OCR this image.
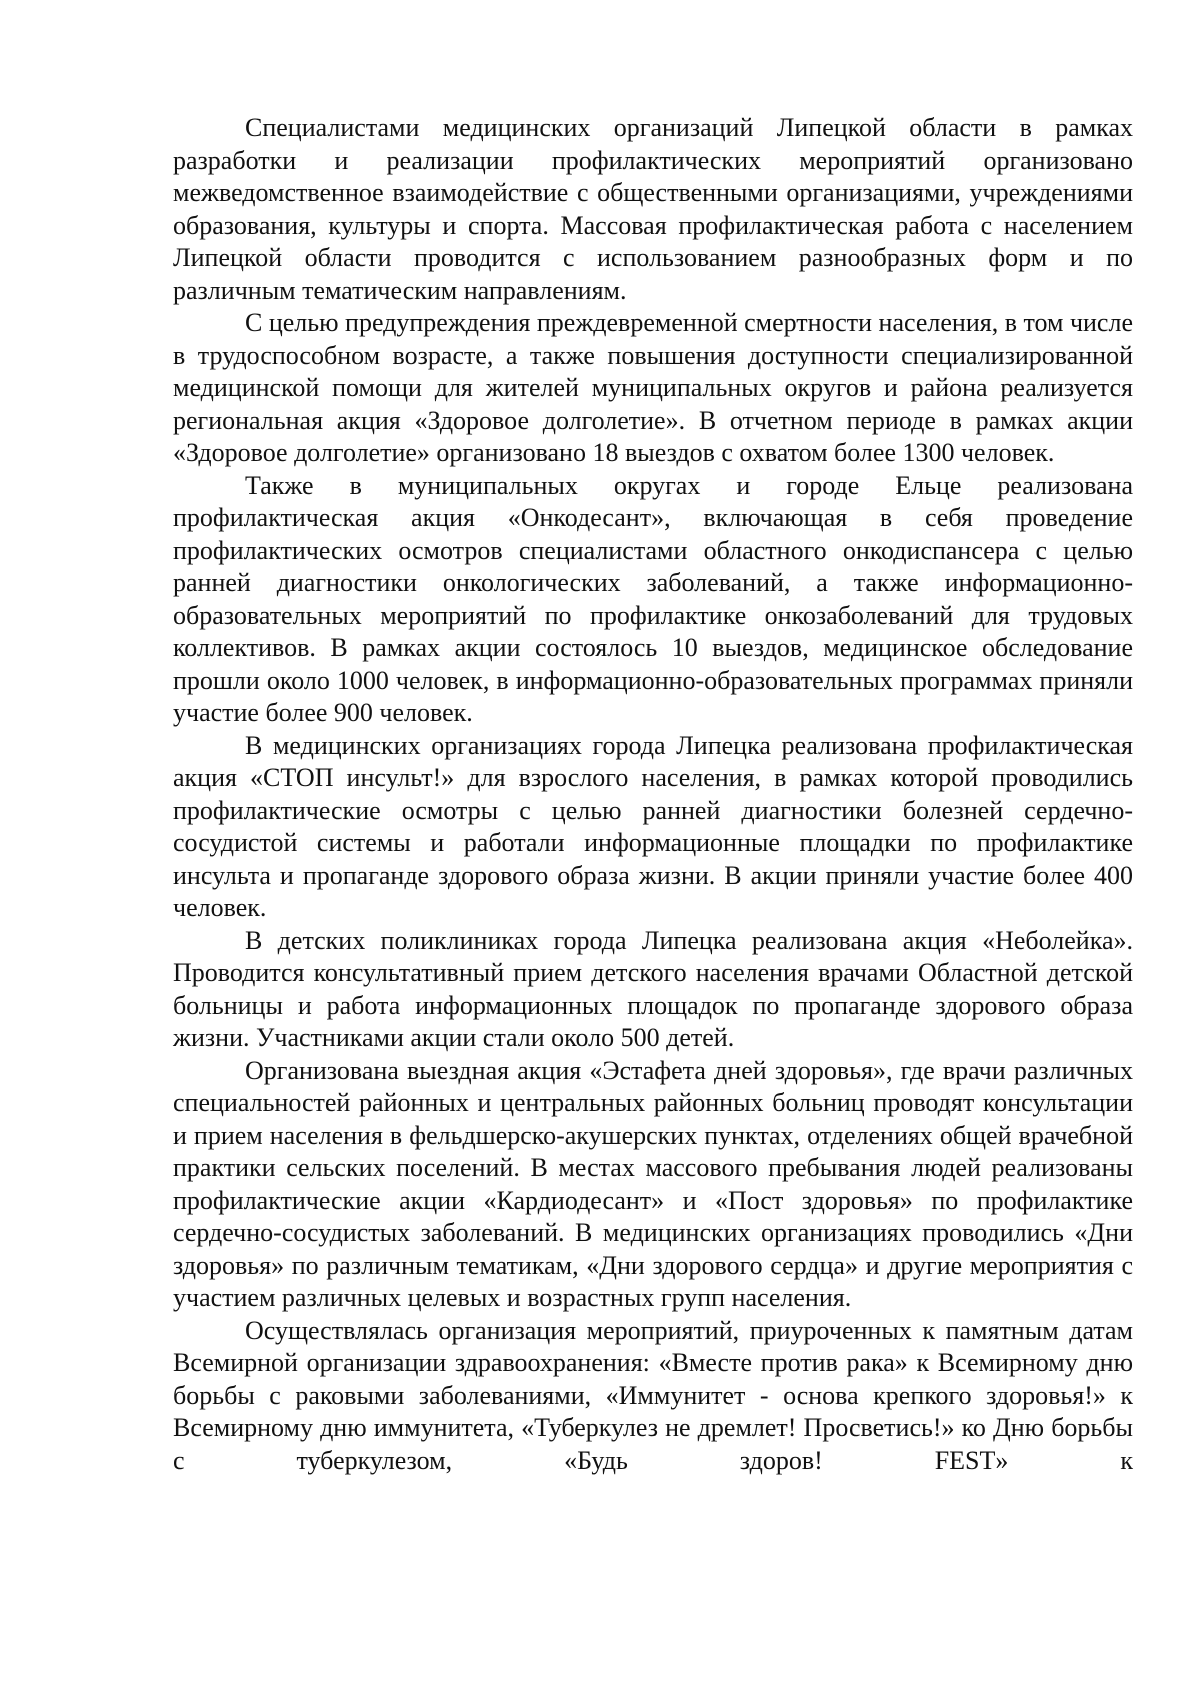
Специалистами медицинских организаций Липецкой области в рамках разработки и реализации профилактических мероприятий организовано межведомственное взаимодействие с общественными организациями, учреждениями образования, культуры и спорта. Массовая профилактическая работа с населением Липецкой области проводится с использованием разнообразных форм и по различным тематическим направлениям.

С целью предупреждения преждевременной смертности населения, в том числе в трудоспособном возрасте, а также повышения доступности специализированной медицинской помощи для жителей муниципальных округов и района реализуется региональная акция «Здоровое долголетие». В отчетном периоде в рамках акции «Здоровое долголетие» организовано 18 выездов с охватом более 1300 человек.

Также в муниципальных округах и городе Ельце реализована профилактическая акция «Онкодесант», включающая в себя проведение профилактических осмотров специалистами областного онкодиспансера с целью ранней диагностики онкологических заболеваний, а также информационно-образовательных мероприятий по профилактике онкозаболеваний для трудовых коллективов. В рамках акции состоялось 10 выездов, медицинское обследование прошли около 1000 человек, в информационно-образовательных программах приняли участие более 900 человек.

В медицинских организациях города Липецка реализована профилактическая акция «СТОП инсульт!» для взрослого населения, в рамках которой проводились профилактические осмотры с целью ранней диагностики болезней сердечно-сосудистой системы и работали информационные площадки по профилактике инсульта и пропаганде здорового образа жизни. В акции приняли участие более 400 человек.

В детских поликлиниках города Липецка реализована акция «Неболейка». Проводится консультативный прием детского населения врачами Областной детской больницы и работа информационных площадок по пропаганде здорового образа жизни. Участниками акции стали около 500 детей.

Организована выездная акция «Эстафета дней здоровья», где врачи различных специальностей районных и центральных районных больниц проводят консультации и прием населения в фельдшерско-акушерских пунктах, отделениях общей врачебной практики сельских поселений. В местах массового пребывания людей реализованы профилактические акции «Кардиодесант» и «Пост здоровья» по профилактике сердечно-сосудистых заболеваний. В медицинских организациях проводились «Дни здоровья» по различным тематикам, «Дни здорового сердца» и другие мероприятия с участием различных целевых и возрастных групп населения.

Осуществлялась организация мероприятий, приуроченных к памятным датам Всемирной организации здравоохранения: «Вместе против рака» к Всемирному дню борьбы с раковыми заболеваниями, «Иммунитет - основа крепкого здоровья!» к Всемирному дню иммунитета, «Туберкулез не дремлет! Просветись!» ко Дню борьбы с туберкулезом, «Будь здоров! FEST» к
